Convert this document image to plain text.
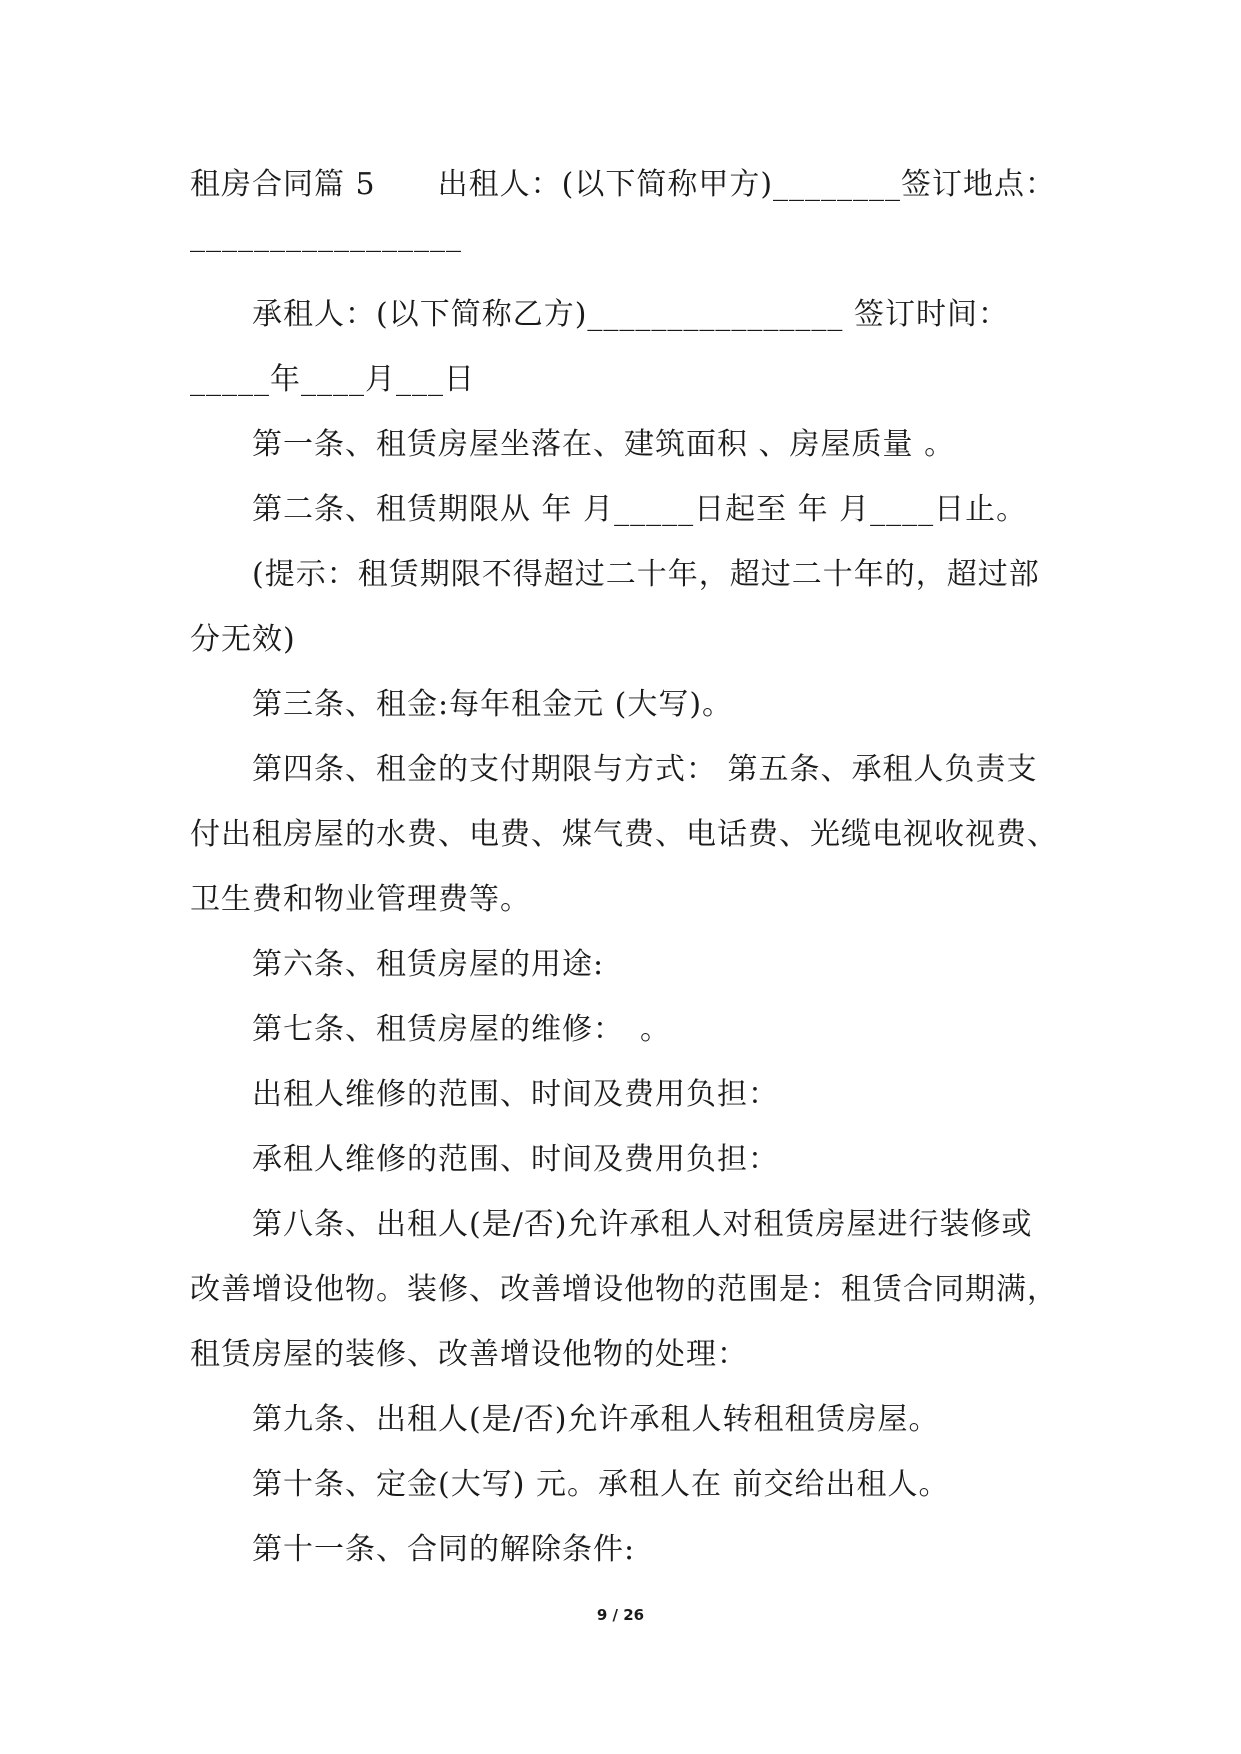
租房合同篇 5　　出租人：(以下简称甲方)________签订地点：
_________________
承租人：(以下简称乙方)________________ 签订时间：
_____年____月___日
第一条、租赁房屋坐落在、建筑面积 、房屋质量 。
第二条、租赁期限从 年 月_____日起至 年 月____日止。
(提示：租赁期限不得超过二十年，超过二十年的，超过部
分无效)
第三条、租金:每年租金元 (大写)。
第四条、租金的支付期限与方式： 第五条、承租人负责支
付出租房屋的水费、电费、煤气费、电话费、光缆电视收视费、
卫生费和物业管理费等。
第六条、租赁房屋的用途:
第七条、租赁房屋的维修：　。
出租人维修的范围、时间及费用负担：
承租人维修的范围、时间及费用负担：
第八条、出租人(是/否)允许承租人对租赁房屋进行装修或
改善增设他物。装修、改善增设他物的范围是：租赁合同期满，
租赁房屋的装修、改善增设他物的处理：
第九条、出租人(是/否)允许承租人转租租赁房屋。
第十条、定金(大写) 元。承租人在 前交给出租人。
第十一条、合同的解除条件:
9 / 26
